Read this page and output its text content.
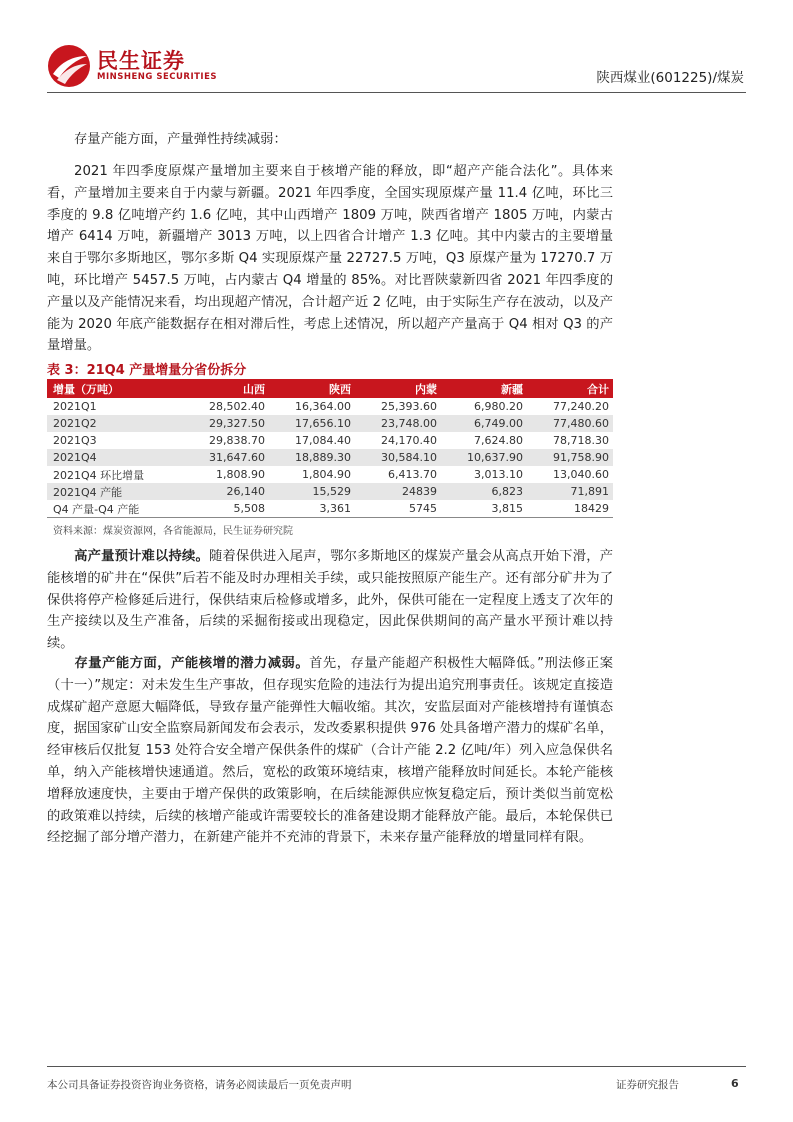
民生证券
MINSHENG SECURITIES	陕西煤业(601225)/煤炭

存量产能方面，产量弹性持续减弱：

2021 年四季度原煤产量增加主要来自于核增产能的释放，即“超产产能合法化”。具体来看，产量增加主要来自于内蒙与新疆。2021 年四季度，全国实现原煤产量 11.4 亿吨，环比三季度的 9.8 亿吨增产约 1.6 亿吨，其中山西增产 1809 万吨，陕西省增产 1805 万吨，内蒙古增产 6414 万吨，新疆增产 3013 万吨，以上四省合计增产 1.3 亿吨。其中内蒙古的主要增量来自于鄂尔多斯地区，鄂尔多斯 Q4 实现原煤产量 22727.5 万吨，Q3 原煤产量为 17270.7 万吨，环比增产 5457.5 万吨，占内蒙古 Q4 增量的 85%。对比晋陕蒙新四省 2021 年四季度的产量以及产能情况来看，均出现超产情况，合计超产近 2 亿吨，由于实际生产存在波动，以及产能为 2020 年底产能数据存在相对滞后性，考虑上述情况，所以超产产量高于 Q4 相对 Q3 的产量增量。

表 3：21Q4 产量增量分省份拆分
增量（万吨）	山西	陕西	内蒙	新疆	合计
2021Q1	28,502.40	16,364.00	25,393.60	6,980.20	77,240.20
2021Q2	29,327.50	17,656.10	23,748.00	6,749.00	77,480.60
2021Q3	29,838.70	17,084.40	24,170.40	7,624.80	78,718.30
2021Q4	31,647.60	18,889.30	30,584.10	10,637.90	91,758.90
2021Q4 环比增量	1,808.90	1,804.90	6,413.70	3,013.10	13,040.60
2021Q4 产能	26,140	15,529	24839	6,823	71,891
Q4 产量-Q4 产能	5,508	3,361	5745	3,815	18429
资料来源：煤炭资源网，各省能源局，民生证券研究院

高产量预计难以持续。随着保供进入尾声，鄂尔多斯地区的煤炭产量会从高点开始下滑，产能核增的矿井在“保供”后若不能及时办理相关手续，或只能按照原产能生产。还有部分矿井为了保供将停产检修延后进行，保供结束后检修或增多，此外，保供可能在一定程度上透支了次年的生产接续以及生产准备，后续的采掘衔接或出现稳定，因此保供期间的高产量水平预计难以持续。

存量产能方面，产能核增的潜力减弱。首先，存量产能超产积极性大幅降低。”刑法修正案（十一）”规定：对未发生生产事故，但存现实危险的违法行为提出追究刑事责任。该规定直接造成煤矿超产意愿大幅降低，导致存量产能弹性大幅收缩。其次，安监层面对产能核增持有谨慎态度，据国家矿山安全监察局新闻发布会表示，发改委累积提供 976 处具备增产潜力的煤矿名单，经审核后仅批复 153 处符合安全增产保供条件的煤矿（合计产能 2.2 亿吨/年）列入应急保供名单，纳入产能核增快速通道。然后，宽松的政策环境结束，核增产能释放时间延长。本轮产能核增释放速度快，主要由于增产保供的政策影响，在后续能源供应恢复稳定后，预计类似当前宽松的政策难以持续，后续的核增产能或许需要较长的准备建设期才能释放产能。最后，本轮保供已经挖掘了部分增产潜力，在新建产能并不充沛的背景下，未来存量产能释放的增量同样有限。

本公司具备证券投资咨询业务资格，请务必阅读最后一页免责声明	证券研究报告	6
